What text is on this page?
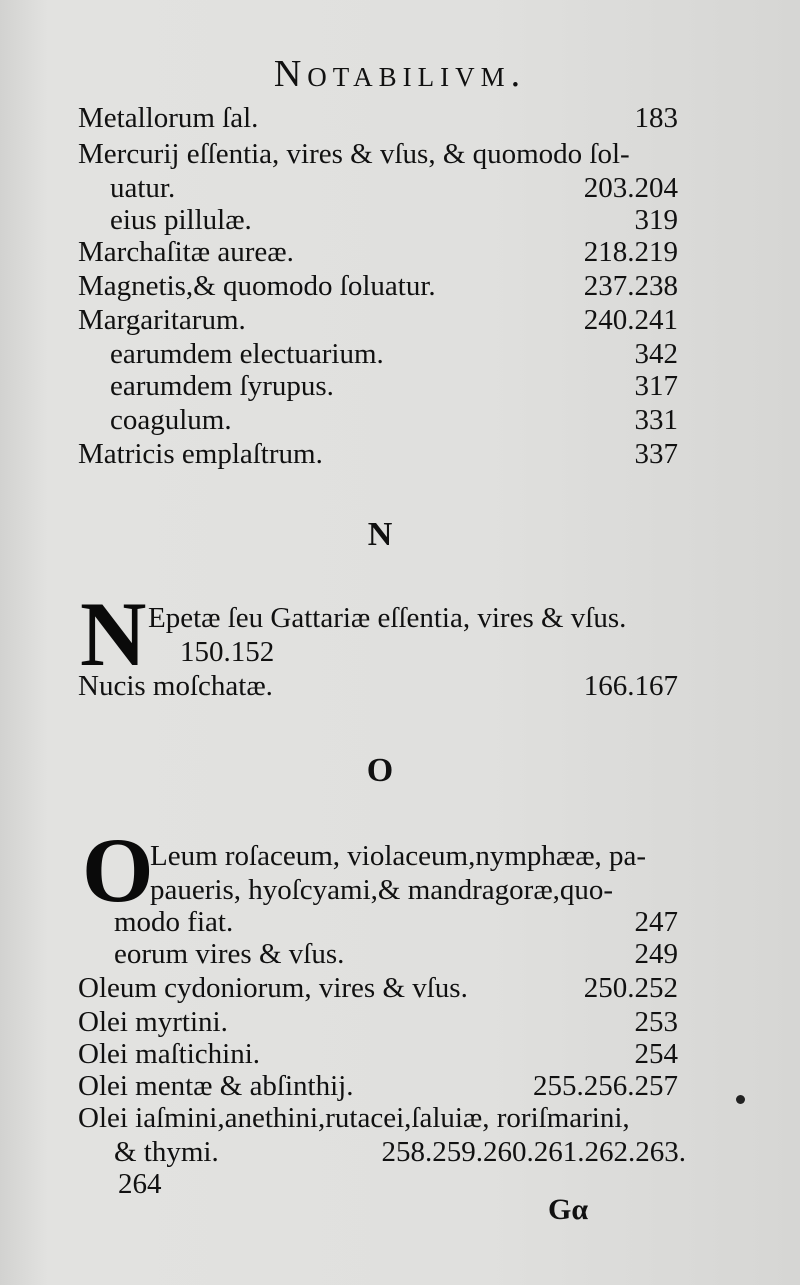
Notabilivm.
Metallorum ſal.	183
Mercurij eſſentia, vires & vſus, & quomodo ſol-
uatur.	203.204
eius pillulæ.	319
Marchaſitæ aureæ.	218.219
Magnetis,& quomodo ſoluatur.	237.238
Margaritarum.	240.241
earumdem electuarium.	342
earumdem ſyrupus.	317
coagulum.	331
Matricis emplaſtrum.	337
N
N Epetæ ſeu Gattariæ eſſentia, vires & vſus.
150.152
Nucis moſchatæ.	166.167
O
O
Leum roſaceum, violaceum,nymphææ, pa-
paueris, hyoſcyami,& mandragoræ,quo-
modo fiat.	247
eorum vires & vſus.	249
Oleum cydoniorum, vires & vſus.	250.252
Olei myrtini.	253
Olei maſtichini.	254
Olei mentæ & abſinthij.	255.256.257
Olei iaſmini,anethini,rutacei,ſaluiæ, roriſmarini,
& thymi.	258.259.260.261.262.263.
264
Gα
